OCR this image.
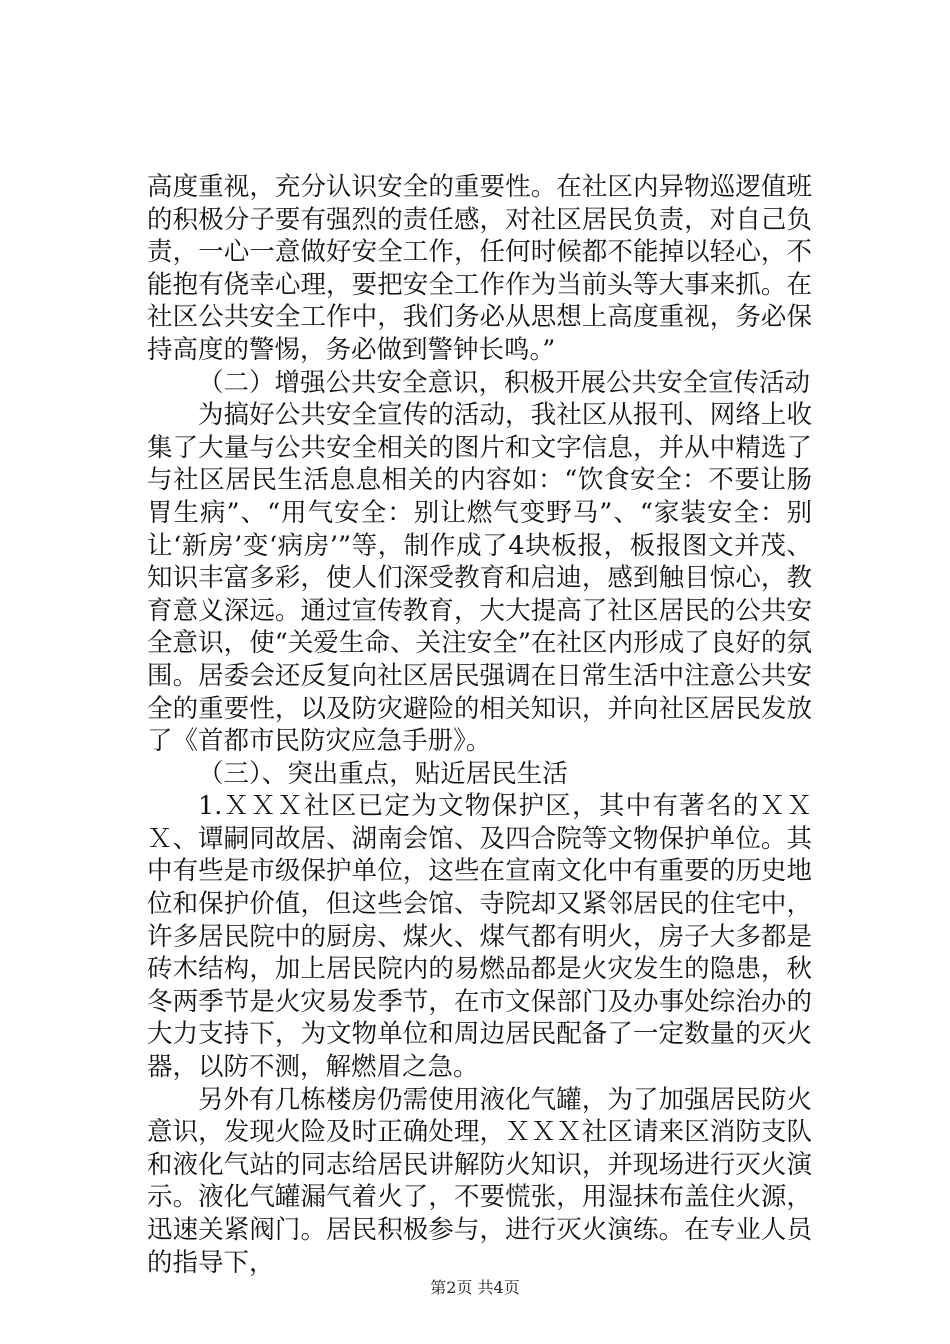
高度重视，充分认识安全的重要性。在社区内异物巡逻值班的积极分子要有强烈的责任感，对社区居民负责，对自己负责，一心一意做好安全工作，任何时候都不能掉以轻心，不能抱有侥幸心理，要把安全工作作为当前头等大事来抓。在社区公共安全工作中，我们务必从思想上高度重视，务必保持高度的警惕，务必做到警钟长鸣。”

（二）增强公共安全意识，积极开展公共安全宣传活动

为搞好公共安全宣传的活动，我社区从报刊、网络上收集了大量与公共安全相关的图片和文字信息，并从中精选了与社区居民生活息息相关的内容如：“饮食安全：不要让肠胃生病”、“用气安全：别让燃气变野马”、“家装安全：别让‘新房’变‘病房’”等，制作成了4块板报，板报图文并茂、知识丰富多彩，使人们深受教育和启迪，感到触目惊心，教育意义深远。通过宣传教育，大大提高了社区居民的公共安全意识，使“关爱生命、关注安全”在社区内形成了良好的氛围。居委会还反复向社区居民强调在日常生活中注意公共安全的重要性，以及防灾避险的相关知识，并向社区居民发放了《首都市民防灾应急手册》。

（三）、突出重点，贴近居民生活

1.ＸＸＸ社区已定为文物保护区，其中有著名的ＸＸＸ、谭嗣同故居、湖南会馆、及四合院等文物保护单位。其中有些是市级保护单位，这些在宣南文化中有重要的历史地位和保护价值，但这些会馆、寺院却又紧邻居民的住宅中，许多居民院中的厨房、煤火、煤气都有明火，房子大多都是砖木结构，加上居民院内的易燃品都是火灾发生的隐患，秋冬两季节是火灾易发季节，在市文保部门及办事处综治办的大力支持下，为文物单位和周边居民配备了一定数量的灭火器，以防不测，解燃眉之急。

另外有几栋楼房仍需使用液化气罐，为了加强居民防火意识，发现火险及时正确处理，ＸＸＸ社区请来区消防支队和液化气站的同志给居民讲解防火知识，并现场进行灭火演示。液化气罐漏气着火了，不要慌张，用湿抹布盖住火源，迅速关紧阀门。居民积极参与，进行灭火演练。在专业人员的指导下，

第2页 共4页
